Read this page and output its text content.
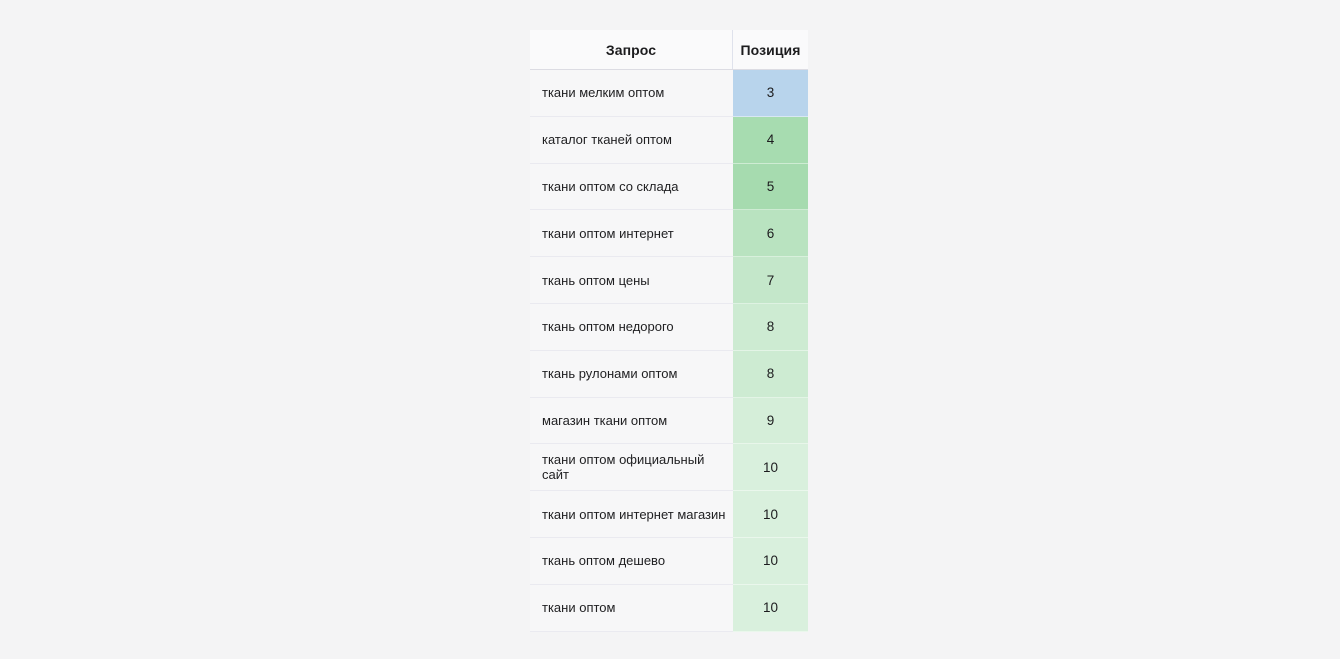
Запрос	Позиция
ткани мелким оптом	3
каталог тканей оптом	4
ткани оптом со склада	5
ткани оптом интернет	6
ткань оптом цены	7
ткань оптом недорого	8
ткань рулонами оптом	8
магазин ткани оптом	9
ткани оптом официальный сайт	10
ткани оптом интернет магазин	10
ткань оптом дешево	10
ткани оптом	10
